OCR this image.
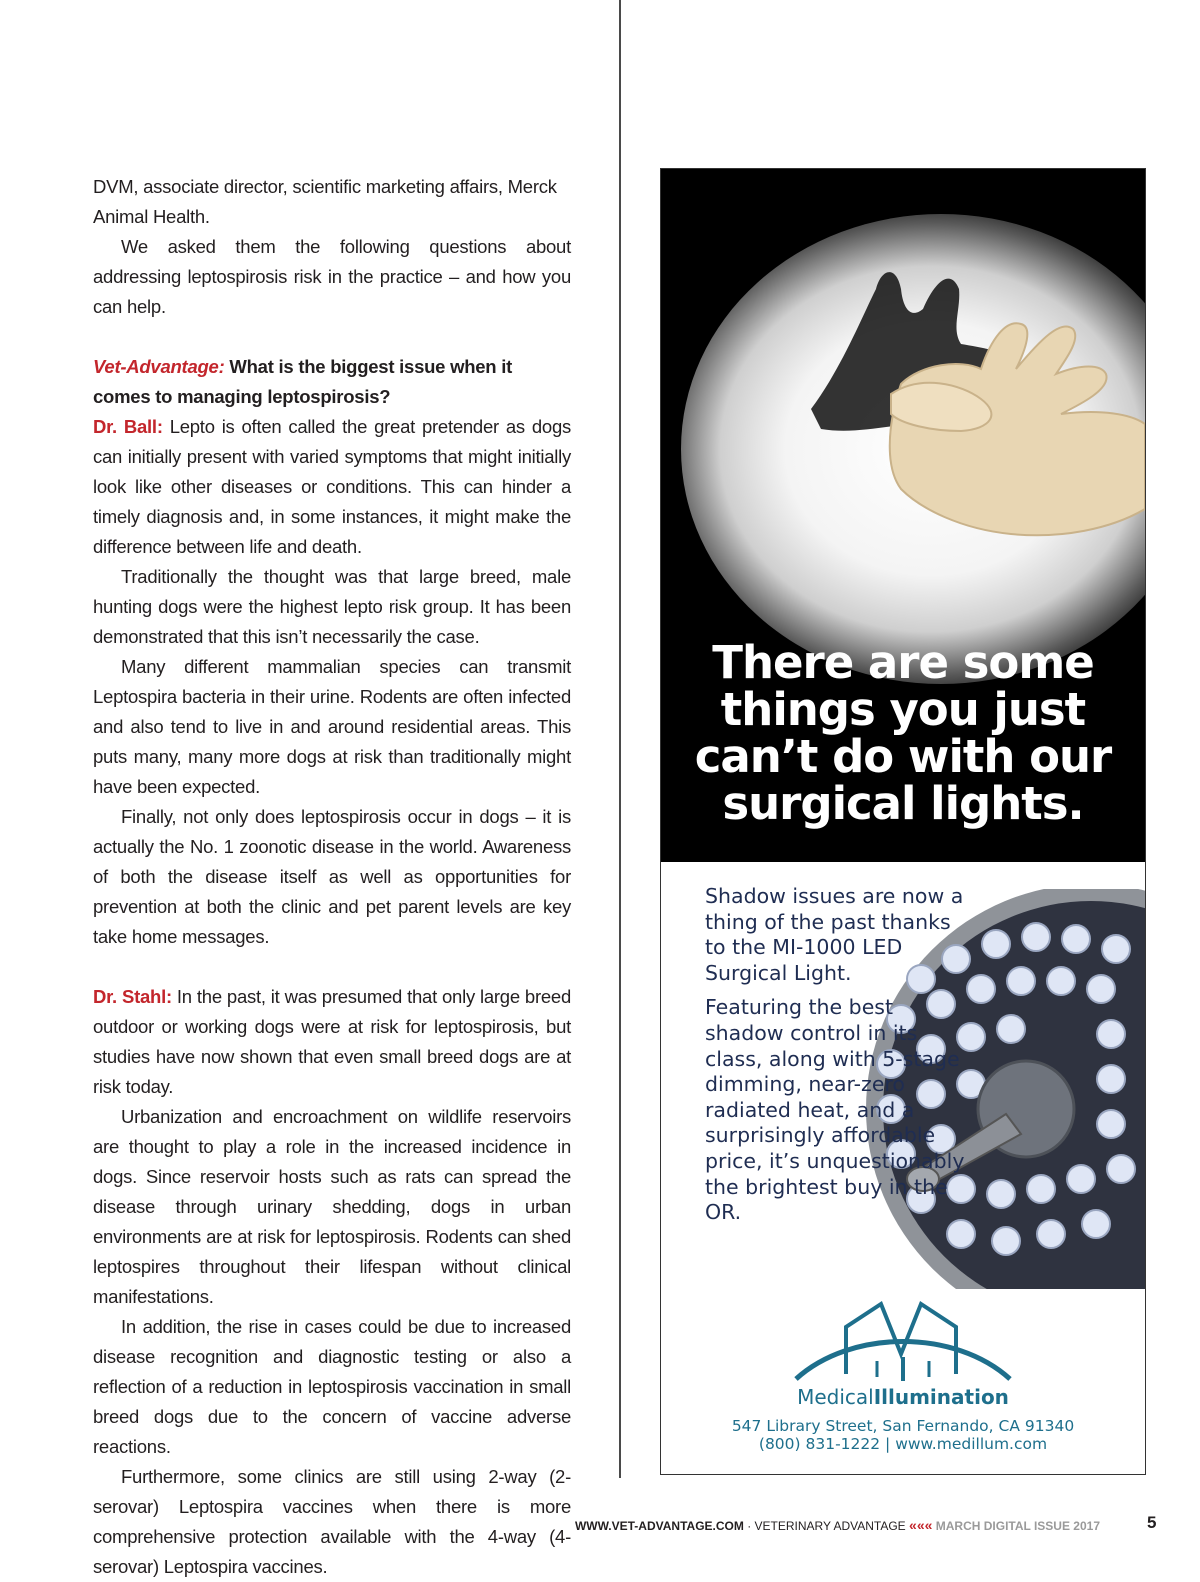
DVM, associate director, scientific marketing affairs, Merck Animal Health.

We asked them the following questions about addressing leptospirosis risk in the practice – and how you can help.

Vet-Advantage: What is the biggest issue when it comes to managing leptospirosis?

Dr. Ball: Lepto is often called the great pretender as dogs can initially present with varied symptoms that might initially look like other diseases or conditions. This can hinder a timely diagnosis and, in some instances, it might make the difference between life and death.

Traditionally the thought was that large breed, male hunting dogs were the highest lepto risk group. It has been demonstrated that this isn’t necessarily the case.

Many different mammalian species can transmit Leptospira bacteria in their urine. Rodents are often infected and also tend to live in and around residential areas. This puts many, many more dogs at risk than traditionally might have been expected.

Finally, not only does leptospirosis occur in dogs – it is actually the No. 1 zoonotic disease in the world. Awareness of both the disease itself as well as opportunities for prevention at both the clinic and pet parent levels are key take home messages.

Dr. Stahl: In the past, it was presumed that only large breed outdoor or working dogs were at risk for leptospirosis, but studies have now shown that even small breed dogs are at risk today.

Urbanization and encroachment on wildlife reservoirs are thought to play a role in the increased incidence in dogs. Since reservoir hosts such as rats can spread the disease through urinary shedding, dogs in urban environments are at risk for leptospirosis. Rodents can shed leptospires throughout their lifespan without clinical manifestations.

In addition, the rise in cases could be due to increased disease recognition and diagnostic testing or also a reflection of a reduction in leptospirosis vaccination in small breed dogs due to the concern of vaccine adverse reactions.

Furthermore, some clinics are still using 2-way (2-serovar) Leptospira vaccines when there is more comprehensive protection available with the 4-way (4-serovar) Leptospira vaccines.

There are some things you just can’t do with our surgical lights.

Shadow issues are now a thing of the past thanks to the MI-1000 LED Surgical Light.

Featuring the best shadow control in its class, along with 5-stage dimming, near-zero radiated heat, and a surprisingly affordable price, it’s unquestionably the brightest buy in the OR.

MedicalIllumination
547 Library Street, San Fernando, CA 91340
(800) 831-1222 | www.medillum.com
WWW.VET-ADVANTAGE.COM · VETERINARY ADVANTAGE ««« MARCH DIGITAL ISSUE 2017	5
